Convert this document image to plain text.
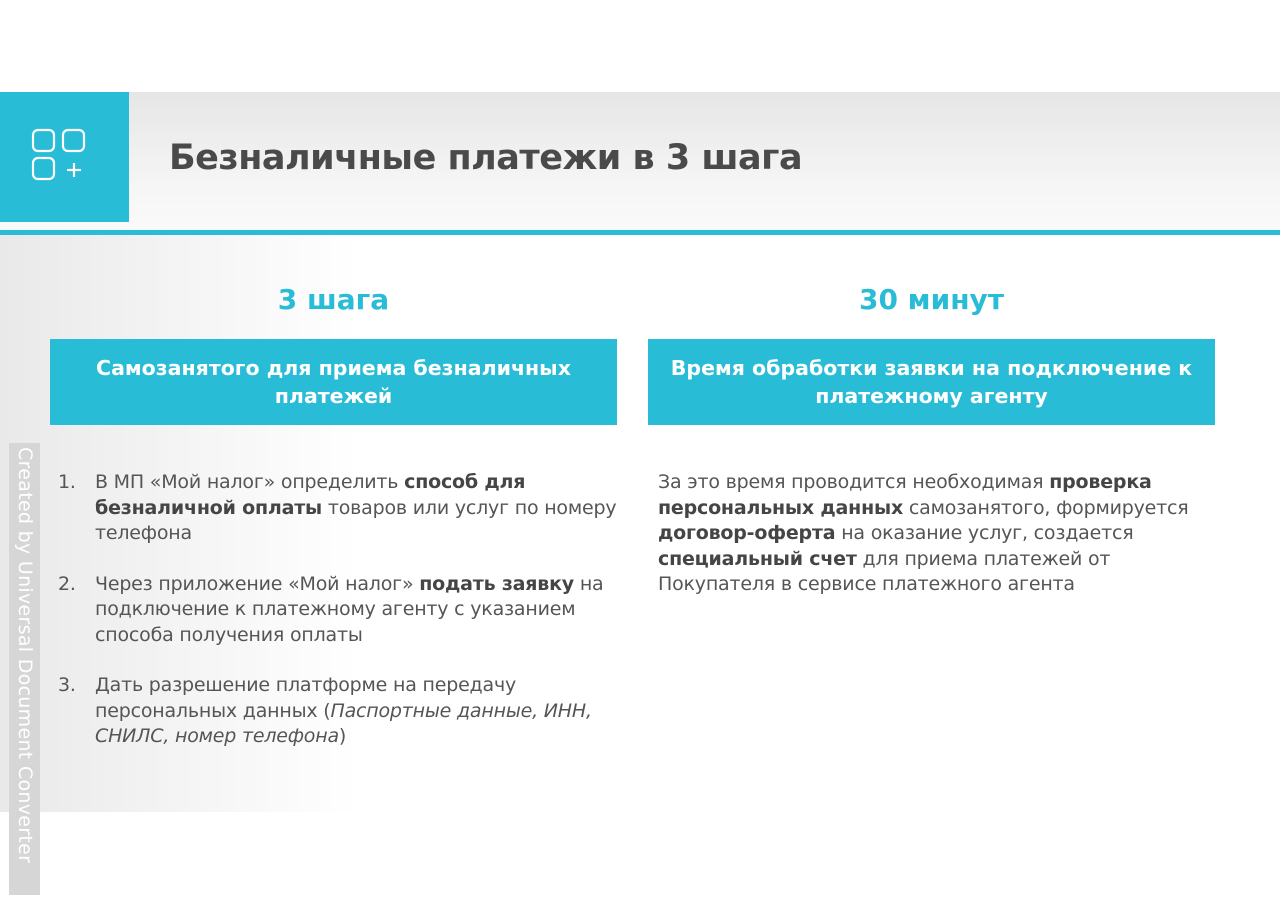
Безналичные платежи в 3 шага
3 шага
Самозанятого для приема безналичных платежей
30 минут
Время обработки заявки на подключение к платежному агенту
1. В МП «Мой налог» определить способ для безналичной оплаты товаров или услуг по номеру телефона
2. Через приложение «Мой налог» подать заявку на подключение к платежному агенту с указанием способа получения оплаты
3. Дать разрешение платформе на передачу персональных данных (Паспортные данные, ИНН, СНИЛС, номер телефона)
За это время проводится необходимая проверка персональных данных самозанятого, формируется договор-оферта на оказание услуг, создается специальный счет для приема платежей от Покупателя в сервисе платежного агента
Created by Universal Document Converter
